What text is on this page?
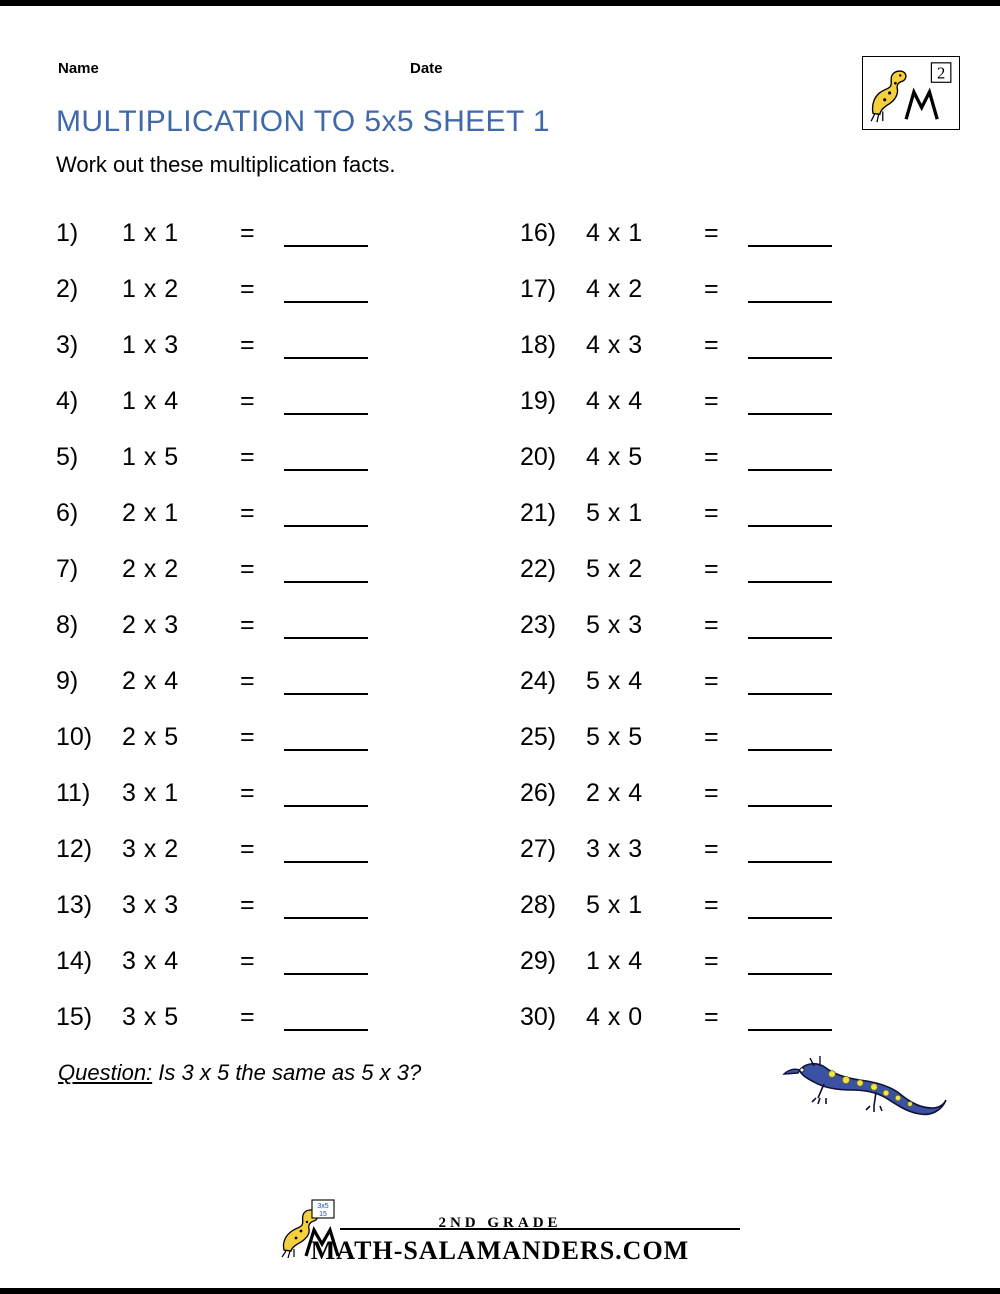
Name	Date	2
MULTIPLICATION TO 5x5 SHEET 1
Work out these multiplication facts.
1)	1 x 1	=
2)	1 x 2	=
3)	1 x 3	=
4)	1 x 4	=
5)	1 x 5	=
6)	2 x 1	=
7)	2 x 2	=
8)	2 x 3	=
9)	2 x 4	=
10)	2 x 5	=
11)	3 x 1	=
12)	3 x 2	=
13)	3 x 3	=
14)	3 x 4	=
15)	3 x 5	=
16)	4 x 1	=
17)	4 x 2	=
18)	4 x 3	=
19)	4 x 4	=
20)	4 x 5	=
21)	5 x 1	=
22)	5 x 2	=
23)	5 x 3	=
24)	5 x 4	=
25)	5 x 5	=
26)	2 x 4	=
27)	3 x 3	=
28)	5 x 1	=
29)	1 x 4	=
30)	4 x 0	=
Question: Is 3 x 5 the same as 5 x 3?
3x5
15
2ND GRADE
MATH-SALAMANDERS.COM
